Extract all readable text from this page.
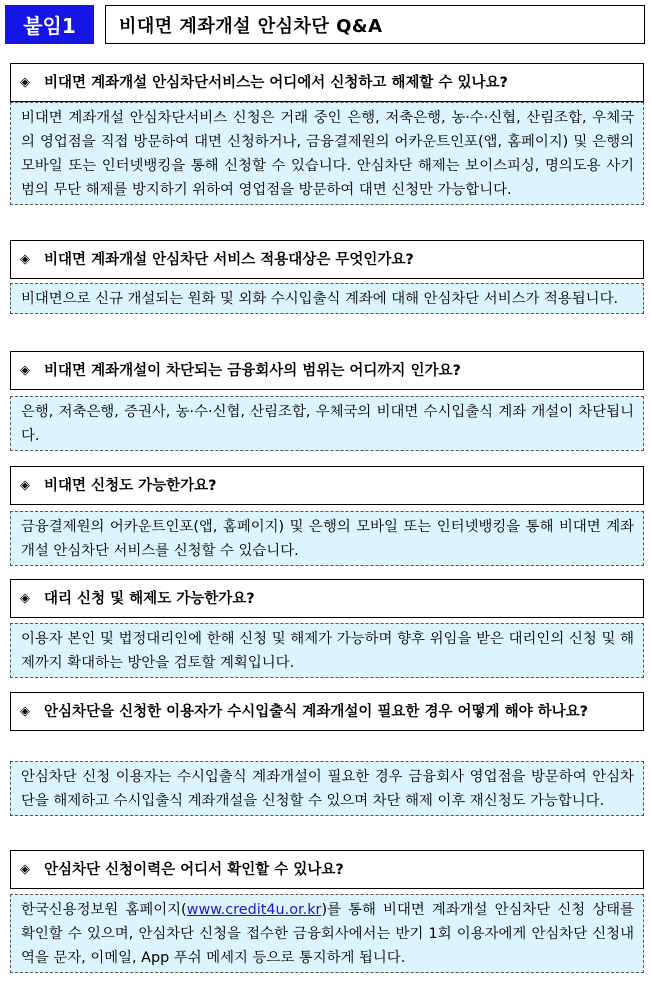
붙임1	비대면 계좌개설 안심차단 Q&A
◈ 비대면 계좌개설 안심차단서비스는 어디에서 신청하고 해제할 수 있나요?
비대면 계좌개설 안심차단서비스 신청은 거래 중인 은행, 저축은행, 농·수·신협, 산림조합, 우체국의 영업점을 직접 방문하여 대면 신청하거나, 금융결제원의 어카운트인포(앱, 홈페이지) 및 은행의 모바일 또는 인터넷뱅킹을 통해 신청할 수 있습니다. 안심차단 해제는 보이스피싱, 명의도용 사기범의 무단 해제를 방지하기 위하여 영업점을 방문하여 대면 신청만 가능합니다.
◈ 비대면 계좌개설 안심차단 서비스 적용대상은 무엇인가요?
비대면으로 신규 개설되는 원화 및 외화 수시입출식 계좌에 대해 안심차단 서비스가 적용됩니다.
◈ 비대면 계좌개설이 차단되는 금융회사의 범위는 어디까지 인가요?
은행, 저축은행, 증권사, 농·수·신협, 산림조합, 우체국의 비대면 수시입출식 계좌 개설이 차단됩니다.
◈ 비대면 신청도 가능한가요?
금융결제원의 어카운트인포(앱, 홈페이지) 및 은행의 모바일 또는 인터넷뱅킹을 통해 비대면 계좌개설 안심차단 서비스를 신청할 수 있습니다.
◈ 대리 신청 및 해제도 가능한가요?
이용자 본인 및 법정대리인에 한해 신청 및 해제가 가능하며 향후 위임을 받은 대리인의 신청 및 해제까지 확대하는 방안을 검토할 계획입니다.
◈ 안심차단을 신청한 이용자가 수시입출식 계좌개설이 필요한 경우 어떻게 해야 하나요?
안심차단 신청 이용자는 수시입출식 계좌개설이 필요한 경우 금융회사 영업점을 방문하여 안심차단을 해제하고 수시입출식 계좌개설을 신청할 수 있으며 차단 해제 이후 재신청도 가능합니다.
◈ 안심차단 신청이력은 어디서 확인할 수 있나요?
한국신용정보원 홈페이지(www.credit4u.or.kr)를 통해 비대면 계좌개설 안심차단 신청 상태를 확인할 수 있으며, 안심차단 신청을 접수한 금융회사에서는 반기 1회 이용자에게 안심차단 신청내역을 문자, 이메일, App 푸쉬 메세지 등으로 통지하게 됩니다.
